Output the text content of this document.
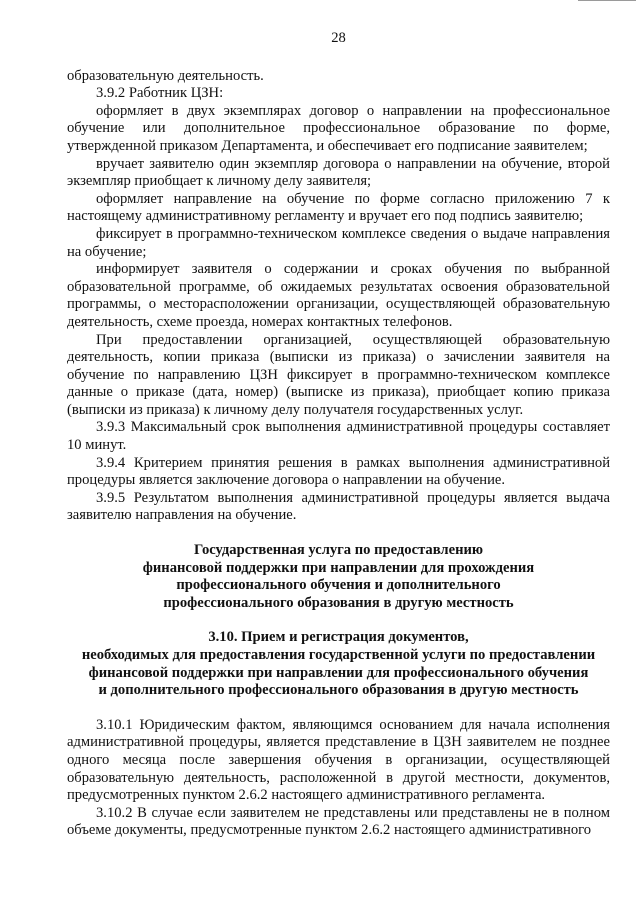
28

образовательную деятельность.

3.9.2 Работник ЦЗН:

оформляет в двух экземплярах договор о направлении на профессиональное обучение или дополнительное профессиональное образование по форме, утвержденной приказом Департамента, и обеспечивает его подписание заявителем;

вручает заявителю один экземпляр договора о направлении на обучение, второй экземпляр приобщает к личному делу заявителя;

оформляет направление на обучение по форме согласно приложению 7 к настоящему административному регламенту и вручает его под подпись заявителю;

фиксирует в программно-техническом комплексе сведения о выдаче направления на обучение;

информирует заявителя о содержании и сроках обучения по выбранной образовательной программе, об ожидаемых результатах освоения образовательной программы, о месторасположении организации, осуществляющей образовательную деятельность, схеме проезда, номерах контактных телефонов.

При предоставлении организацией, осуществляющей образовательную деятельность, копии приказа (выписки из приказа) о зачислении заявителя на обучение по направлению ЦЗН фиксирует в программно-техническом комплексе данные о приказе (дата, номер) (выписке из приказа), приобщает копию приказа (выписки из приказа) к личному делу получателя государственных услуг.

3.9.3 Максимальный срок выполнения административной процедуры составляет 10 минут.

3.9.4 Критерием принятия решения в рамках выполнения административной процедуры является заключение договора о направлении на обучение.

3.9.5 Результатом выполнения административной процедуры является выдача заявителю направления на обучение.

Государственная услуга по предоставлению
финансовой поддержки при направлении для прохождения
профессионального обучения и дополнительного
профессионального образования в другую местность
3.10. Прием и регистрация документов,
необходимых для предоставления государственной услуги по предоставлении
финансовой поддержки при направлении для профессионального обучения
и дополнительного профессионального образования в другую местность

3.10.1 Юридическим фактом, являющимся основанием для начала исполнения административной процедуры, является представление в ЦЗН заявителем не позднее одного месяца после завершения обучения в организации, осуществляющей образовательную деятельность, расположенной в другой местности, документов, предусмотренных пунктом 2.6.2 настоящего административного регламента.

3.10.2 В случае если заявителем не представлены или представлены не в полном объеме документы, предусмотренные пунктом 2.6.2 настоящего административного
